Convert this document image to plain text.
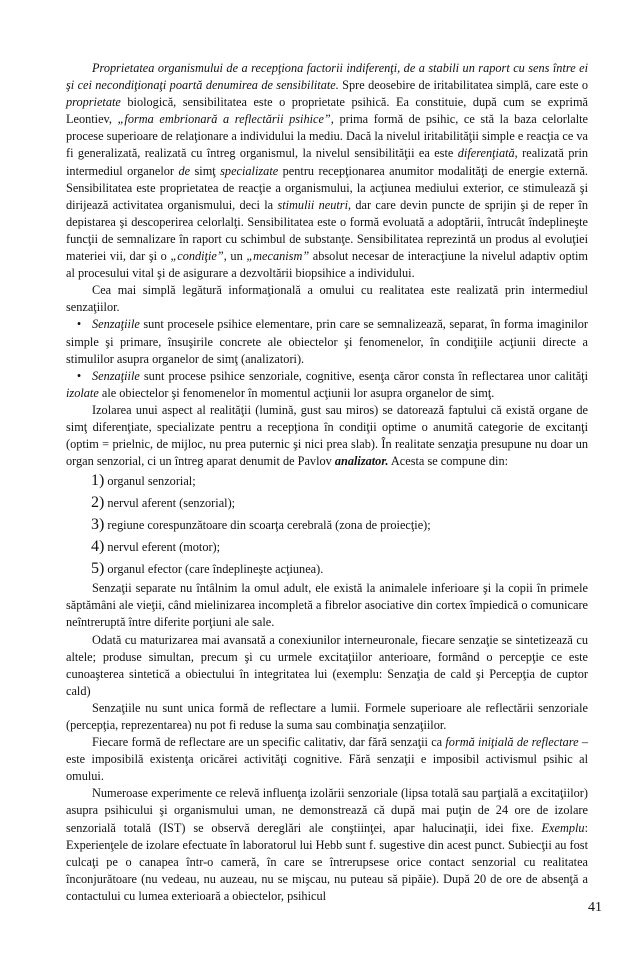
Proprietatea organismului de a recepţiona factorii indiferenţi, de a stabili un raport cu sens între ei şi cei necondiţionaţi poartă denumirea de sensibilitate. Spre deosebire de iritabilitatea simplă, care este o proprietate biologică, sensibilitatea este o proprietate psihică. Ea constituie, după cum se exprimă Leontiev, „forma embrionară a reflectării psihice”, prima formă de psihic, ce stă la baza celorlalte procese superioare de relaţionare a individului la mediu. Dacă la nivelul iritabilităţii simple e reacţia ce va fi generalizată, realizată cu întreg organismul, la nivelul sensibilităţii ea este diferenţiată, realizată prin intermediul organelor de simţ specializate pentru recepţionarea anumitor modalităţi de energie externă. Sensibilitatea este proprietatea de reacţie a organismului, la acţiunea mediului exterior, ce stimulează şi dirijează activitatea organismului, deci la stimulii neutri, dar care devin puncte de sprijin şi de reper în depistarea şi descoperirea celorlalţi. Sensibilitatea este o formă evoluată a adoptării, întrucât îndeplineşte funcţii de semnalizare în raport cu schimbul de substanţe. Sensibilitatea reprezintă un produs al evoluţiei materiei vii, dar şi o „condiţie”, un „mecanism” absolut necesar de interacţiune la nivelul adaptiv optim al procesului vital şi de asigurare a dezvoltării biopsihice a individului.

Cea mai simplă legătură informaţională a omului cu realitatea este realizată prin intermediul senzaţiilor.

• Senzaţiile sunt procesele psihice elementare, prin care se semnalizează, separat, în forma imaginilor simple şi primare, însuşirile concrete ale obiectelor şi fenomenelor, în condiţiile acţiunii directe a stimulilor asupra organelor de simţ (analizatori).

• Senzaţiile sunt procese psihice senzoriale, cognitive, esenţa căror consta în reflectarea unor calităţi izolate ale obiectelor şi fenomenelor în momentul acţiunii lor asupra organelor de simţ.

Izolarea unui aspect al realităţii (lumină, gust sau miros) se datorează faptului că există organe de simţ diferenţiate, specializate pentru a recepţiona în condiţii optime o anumită categorie de excitanţi (optim = prielnic, de mijloc, nu prea puternic şi nici prea slab). În realitate senzaţia presupune nu doar un organ senzorial, ci un întreg aparat denumit de Pavlov analizator. Acesta se compune din:

1) organul senzorial;
2) nervul aferent (senzorial);
3) regiune corespunzătoare din scoarţa cerebrală (zona de proiecţie);
4) nervul eferent (motor);
5) organul efector (care îndeplineşte acţiunea).

Senzaţii separate nu întâlnim la omul adult, ele există la animalele inferioare şi la copii în primele săptămâni ale vieţii, când mielinizarea incompletă a fibrelor asociative din cortex împiedică o comunicare neîntreruptă între diferite porţiuni ale sale.

Odată cu maturizarea mai avansată a conexiunilor interneuronale, fiecare senzaţie se sintetizează cu altele; produse simultan, precum şi cu urmele excitaţiilor anterioare, formând o percepţie ce este cunoaşterea sintetică a obiectului în integritatea lui (exemplu: Senzaţia de cald şi Percepţia de cuptor cald)

Senzaţiile nu sunt unica formă de reflectare a lumii. Formele superioare ale reflectării senzoriale (percepţia, reprezentarea) nu pot fi reduse la suma sau combinaţia senzaţiilor.

Fiecare formă de reflectare are un specific calitativ, dar fără senzaţii ca formă iniţială de reflectare – este imposibilă existenţa oricărei activităţi cognitive. Fără senzaţii e imposibil activismul psihic al omului.

Numeroase experimente ce relevă influenţa izolării senzoriale (lipsa totală sau parţială a excitaţiilor) asupra psihicului şi organismului uman, ne demonstrează că după mai puţin de 24 ore de izolare senzorială totală (IST) se observă dereglări ale conştiinţei, apar halucinaţii, idei fixe. Exemplu: Experienţele de izolare efectuate în laboratorul lui Hebb sunt f. sugestive din acest punct. Subiecţii au fost culcaţi pe o canapea într-o cameră, în care se întrerupsese orice contact senzorial cu realitatea înconjurătoare (nu vedeau, nu auzeau, nu se mişcau, nu puteau să pipăie). După 20 de ore de absenţă a contactului cu lumea exterioară a obiectelor, psihicul

41
